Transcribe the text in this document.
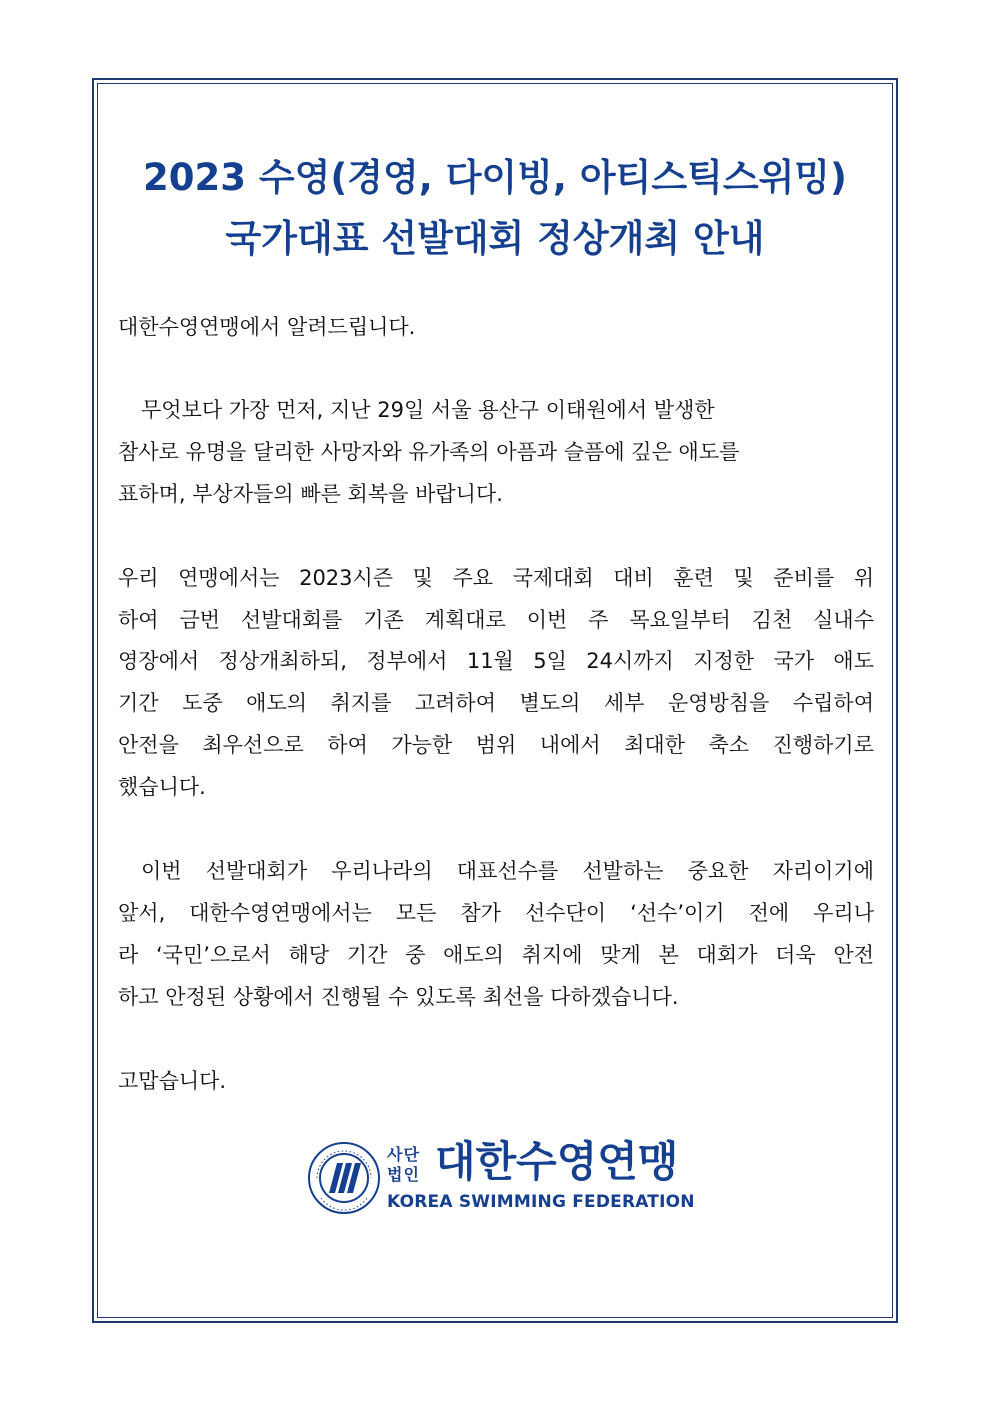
2023 수영(경영, 다이빙, 아티스틱스위밍)
국가대표 선발대회 정상개최 안내
대한수영연맹에서 알려드립니다.
무엇보다 가장 먼저, 지난 29일 서울 용산구 이태원에서 발생한
참사로 유명을 달리한 사망자와 유가족의 아픔과 슬픔에 깊은 애도를
표하며, 부상자들의 빠른 회복을 바랍니다.
우리 연맹에서는 2023시즌 및 주요 국제대회 대비 훈련 및 준비를 위
하여 금번 선발대회를 기존 계획대로 이번 주 목요일부터 김천 실내수
영장에서 정상개최하되, 정부에서 11월 5일 24시까지 지정한 국가 애도
기간 도중 애도의 취지를 고려하여 별도의 세부 운영방침을 수립하여
안전을 최우선으로 하여 가능한 범위 내에서 최대한 축소 진행하기로
했습니다.
이번 선발대회가 우리나라의 대표선수를 선발하는 중요한 자리이기에
앞서, 대한수영연맹에서는 모든 참가 선수단이 ‘선수’이기 전에 우리나
라 ‘국민’으로서 해당 기간 중 애도의 취지에 맞게 본 대회가 더욱 안전
하고 안정된 상황에서 진행될 수 있도록 최선을 다하겠습니다.
고맙습니다.
사단
법인 대한수영연맹
KOREA SWIMMING FEDERATION
